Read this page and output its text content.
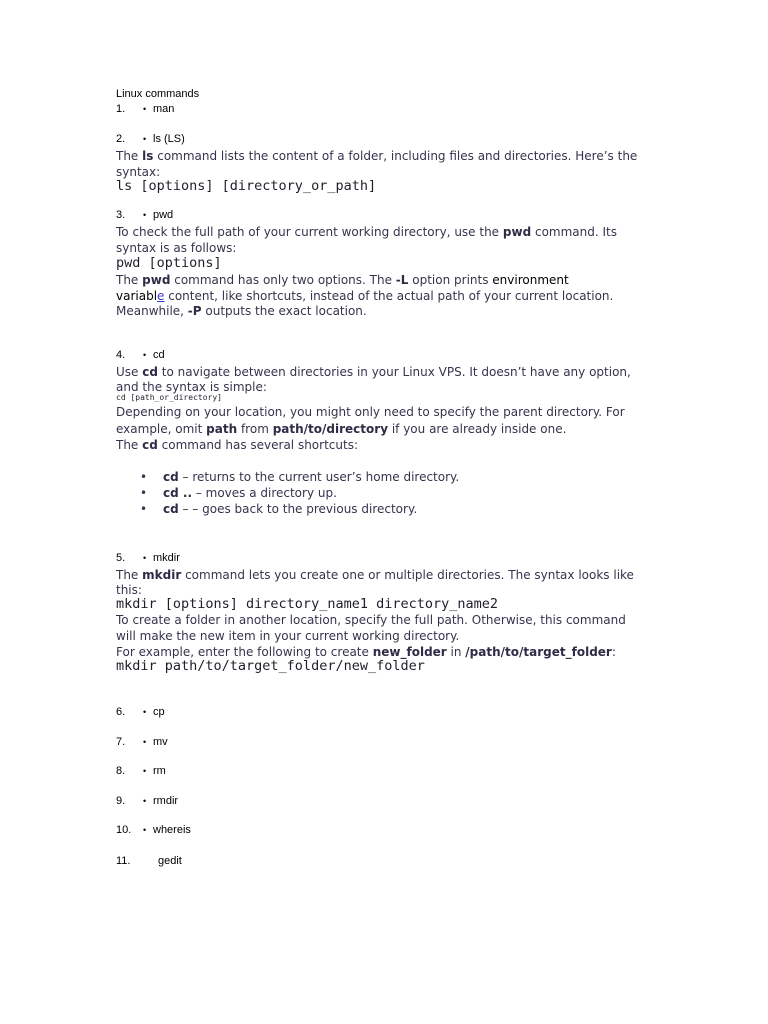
Linux commands
1. • man
2. • ls (LS)
The ls command lists the content of a folder, including files and directories. Here’s the
syntax:
ls [options] [directory_or_path]
3. • pwd
To check the full path of your current working directory, use the pwd command. Its
syntax is as follows:
pwd [options]
The pwd command has only two options. The -L option prints environment
variable content, like shortcuts, instead of the actual path of your current location.
Meanwhile, -P outputs the exact location.
4. • cd
Use cd to navigate between directories in your Linux VPS. It doesn’t have any option,
and the syntax is simple:
cd [path_or_directory]
Depending on your location, you might only need to specify the parent directory. For
example, omit path from path/to/directory if you are already inside one.
The cd command has several shortcuts:
• cd – returns to the current user’s home directory.
• cd .. – moves a directory up.
• cd – – goes back to the previous directory.
5. • mkdir
The mkdir command lets you create one or multiple directories. The syntax looks like
this:
mkdir [options] directory_name1 directory_name2
To create a folder in another location, specify the full path. Otherwise, this command
will make the new item in your current working directory.
For example, enter the following to create new_folder in /path/to/target_folder:
mkdir path/to/target_folder/new_folder
6. • cp
7. • mv
8. • rm
9. • rmdir
10. • whereis
11.	gedit
